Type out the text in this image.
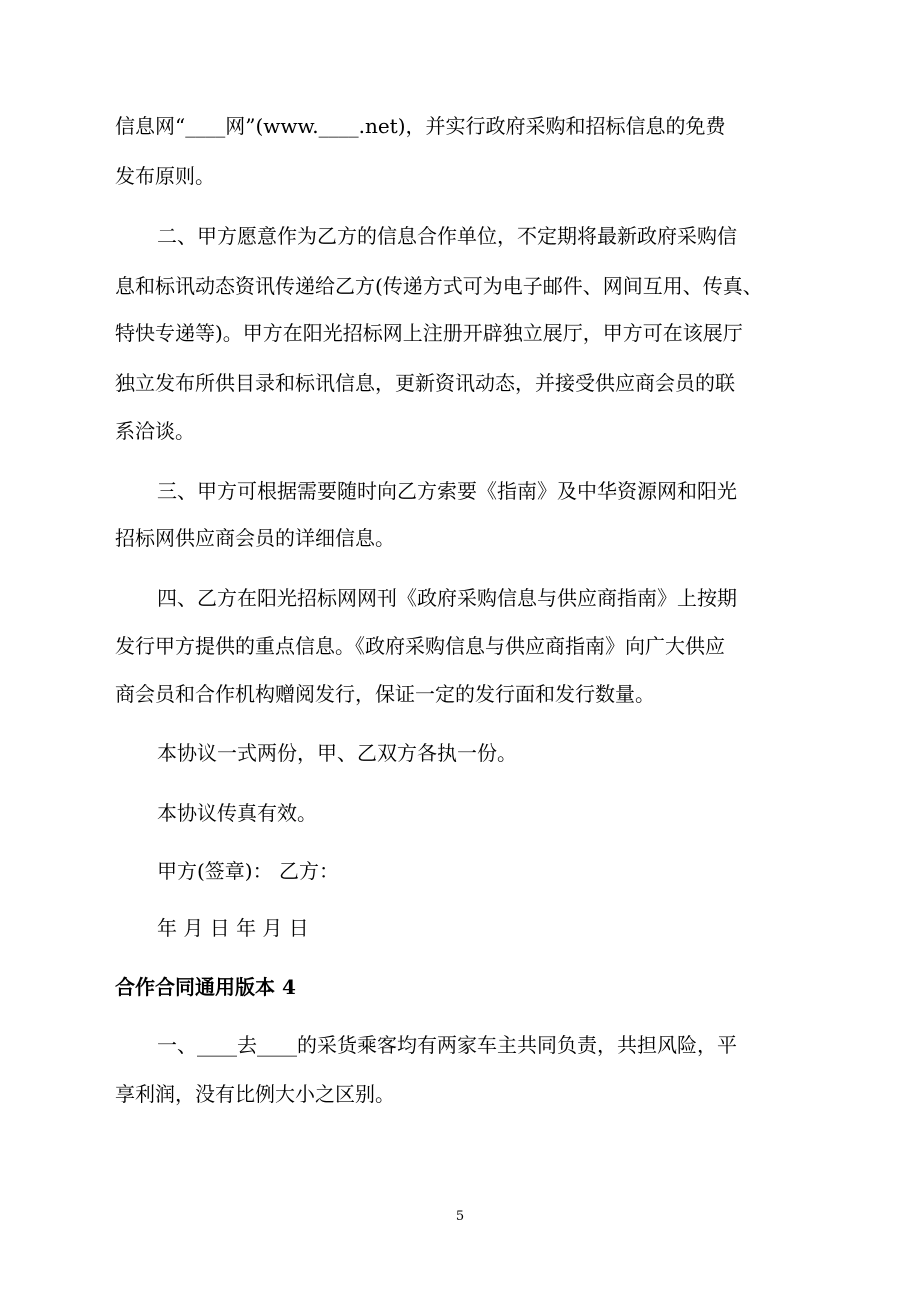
信息网“____网”(www.____.net)，并实行政府采购和招标信息的免费
发布原则。
二、甲方愿意作为乙方的信息合作单位，不定期将最新政府采购信
息和标讯动态资讯传递给乙方(传递方式可为电子邮件、网间互用、传真、
特快专递等)。甲方在阳光招标网上注册开辟独立展厅，甲方可在该展厅
独立发布所供目录和标讯信息，更新资讯动态，并接受供应商会员的联
系洽谈。
三、甲方可根据需要随时向乙方索要《指南》及中华资源网和阳光
招标网供应商会员的详细信息。
四、乙方在阳光招标网网刊《政府采购信息与供应商指南》上按期
发行甲方提供的重点信息。《政府采购信息与供应商指南》向广大供应
商会员和合作机构赠阅发行，保证一定的发行面和发行数量。
本协议一式两份，甲、乙双方各执一份。
本协议传真有效。
甲方(签章)： 乙方：
年 月 日 年 月 日
合作合同通用版本 4
一、____去____的采货乘客均有两家车主共同负责，共担风险，平
享利润，没有比例大小之区别。
5
